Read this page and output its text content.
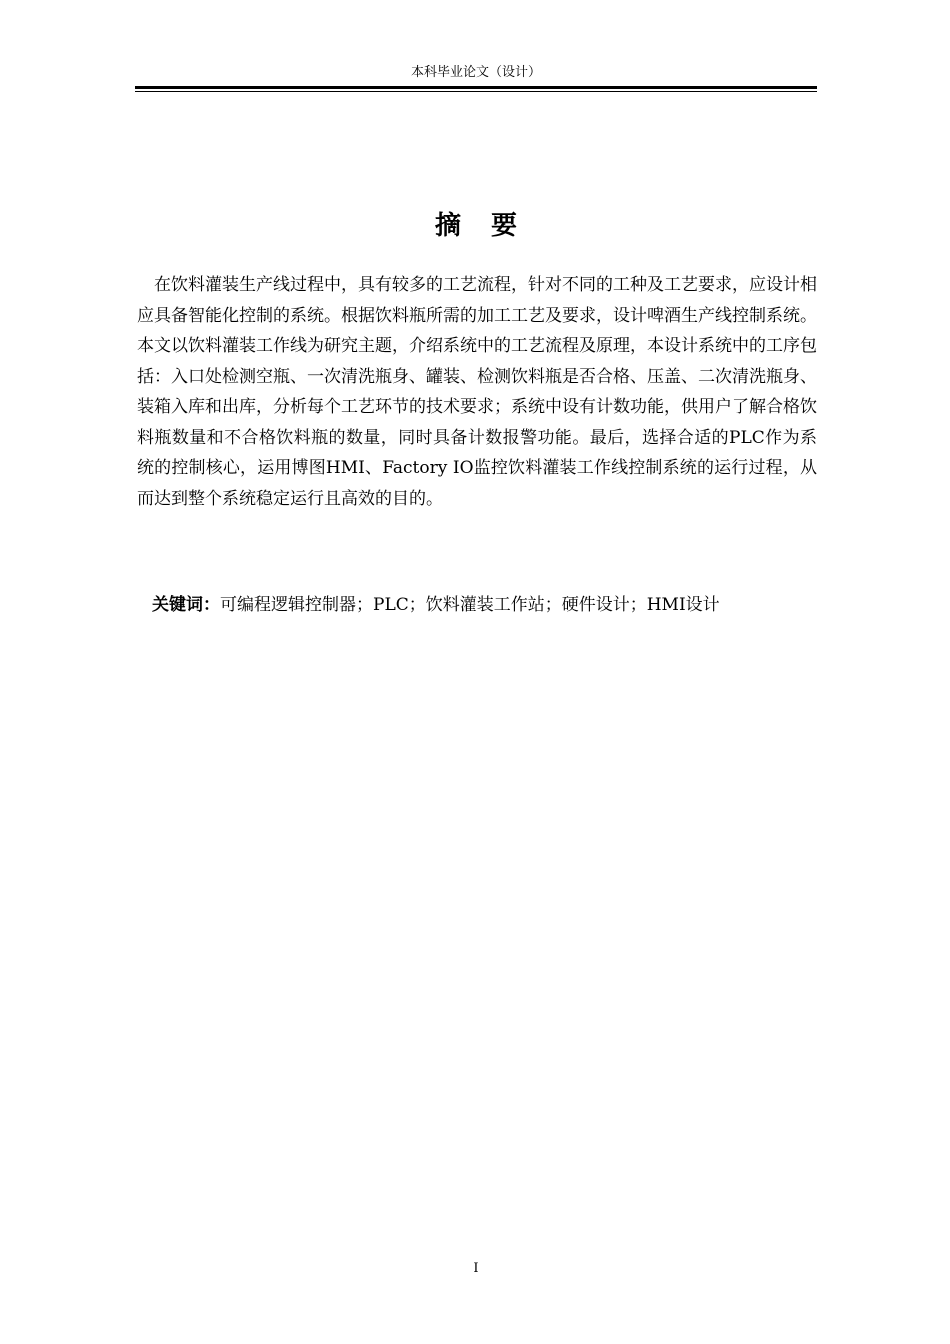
本科毕业论文（设计）
摘要

在饮料灌装生产线过程中，具有较多的工艺流程，针对不同的工种及工艺要求，应设计相应具备智能化控制的系统。根据饮料瓶所需的加工工艺及要求，设计啤酒生产线控制系统。本文以饮料灌装工作线为研究主题，介绍系统中的工艺流程及原理，本设计系统中的工序包括：入口处检测空瓶、一次清洗瓶身、罐装、检测饮料瓶是否合格、压盖、二次清洗瓶身、装箱入库和出库，分析每个工艺环节的技术要求；系统中设有计数功能，供用户了解合格饮料瓶数量和不合格饮料瓶的数量，同时具备计数报警功能。最后，选择合适的PLC作为系统的控制核心，运用博图HMI、Factory IO监控饮料灌装工作线控制系统的运行过程，从而达到整个系统稳定运行且高效的目的。

关键词：可编程逻辑控制器；PLC；饮料灌装工作站；硬件设计；HMI设计
I
